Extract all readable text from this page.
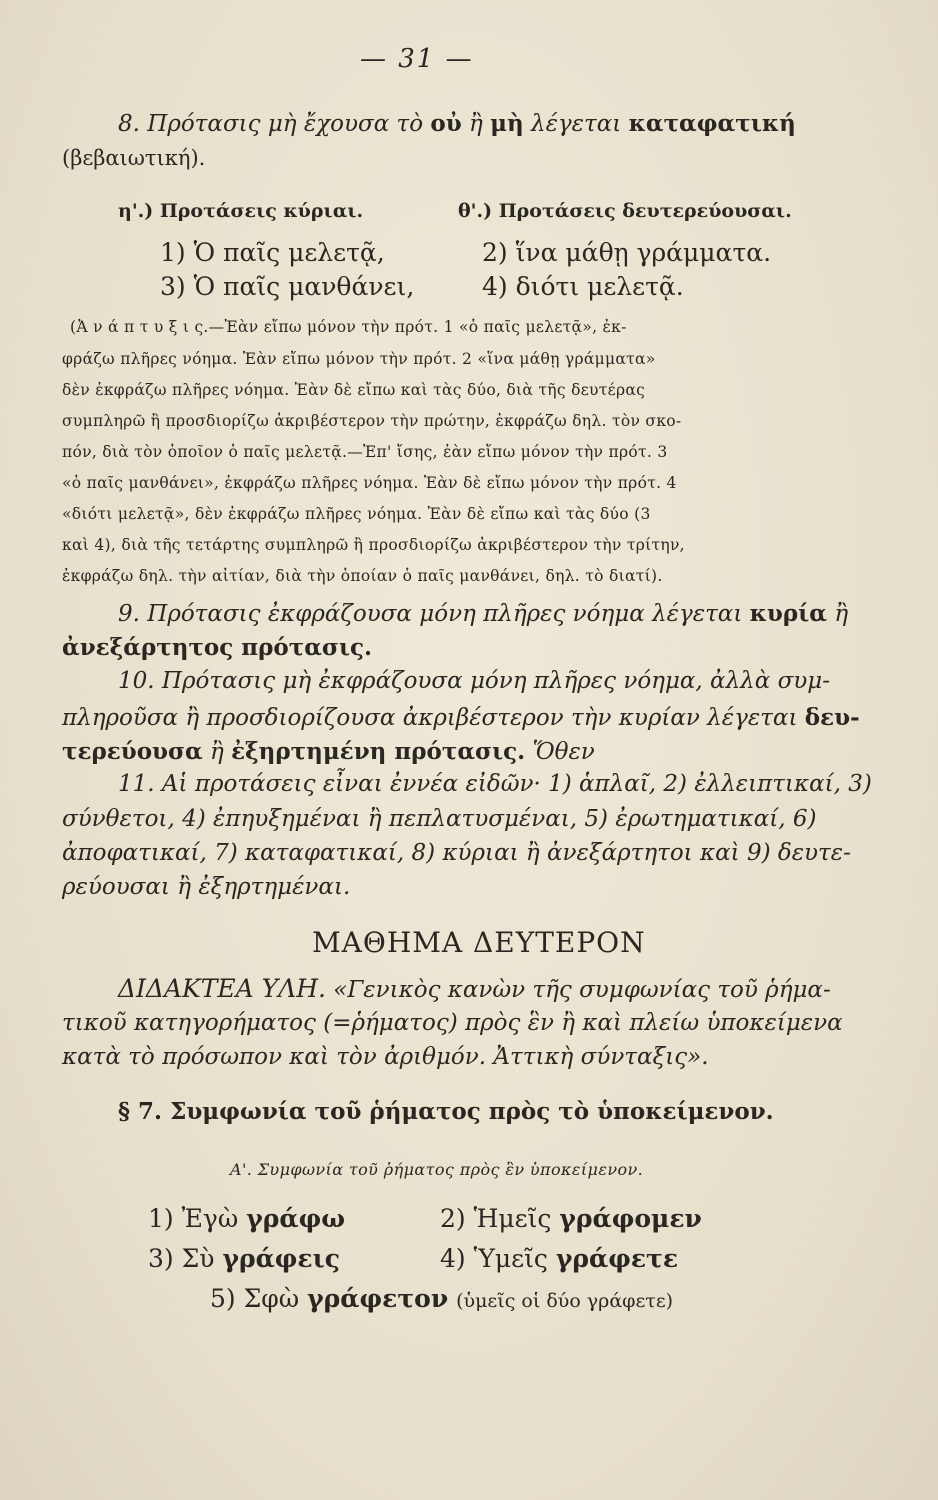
— 31 —
8. Πρότασις μὴ ἔχουσα τὸ οὐ ἢ μὴ λέγεται καταφατική
(βεβαιωτική).
η'.) Προτάσεις κύριαι.	θ'.) Προτάσεις δευτερεύουσαι.
1) Ὁ παῖς μελετᾷ,	2) ἵνα μάθῃ γράμματα.
3) Ὁ παῖς μανθάνει,	4) διότι μελετᾷ.
(Ἀ ν ά π τ υ ξ ι ς.—Ἐὰν εἴπω μόνον τὴν πρότ. 1 «ὁ παῖς μελετᾷ», ἐκ-
φράζω πλῆρες νόημα. Ἐὰν εἴπω μόνον τὴν πρότ. 2 «ἵνα μάθῃ γράμματα»
δὲν ἐκφράζω πλῆρες νόημα. Ἐὰν δὲ εἴπω καὶ τὰς δύο, διὰ τῆς δευτέρας
συμπληρῶ ἢ προσδιορίζω ἀκριβέστερον τὴν πρώτην, ἐκφράζω δηλ. τὸν σκο-
πόν, διὰ τὸν ὁποῖον ὁ παῖς μελετᾷ.—Ἐπ' ἴσης, ἐὰν εἴπω μόνον τὴν πρότ. 3
«ὁ παῖς μανθάνει», ἐκφράζω πλῆρες νόημα. Ἐὰν δὲ εἴπω μόνον τὴν πρότ. 4
«διότι μελετᾷ», δὲν ἐκφράζω πλῆρες νόημα. Ἐὰν δὲ εἴπω καὶ τὰς δύο (3
καὶ 4), διὰ τῆς τετάρτης συμπληρῶ ἢ προσδιορίζω ἀκριβέστερον τὴν τρίτην,
ἐκφράζω δηλ. τὴν αἰτίαν, διὰ τὴν ὁποίαν ὁ παῖς μανθάνει, δηλ. τὸ διατί).
9. Πρότασις ἐκφράζουσα μόνη πλῆρες νόημα λέγεται κυρία ἢ
ἀνεξάρτητος πρότασις.
10. Πρότασις μὴ ἐκφράζουσα μόνη πλῆρες νόημα, ἀλλὰ συμ-
πληροῦσα ἢ προσδιορίζουσα ἀκριβέστερον τὴν κυρίαν λέγεται δευ-
τερεύουσα ἢ ἐξηρτημένη πρότασις. Ὅθεν
11. Αἱ προτάσεις εἶναι ἐννέα εἰδῶν· 1) ἁπλαῖ, 2) ἐλλειπτικαί, 3)
σύνθετοι, 4) ἐπηυξημέναι ἢ πεπλατυσμέναι, 5) ἐρωτηματικαί, 6)
ἀποφατικαί, 7) καταφατικαί, 8) κύριαι ἢ ἀνεξάρτητοι καὶ 9) δευτε-
ρεύουσαι ἢ ἐξηρτημέναι.
ΜΑΘΗΜΑ ΔΕΥΤΕΡΟΝ
ΔΙΔΑΚΤΕΑ ΥΛΗ. «Γενικὸς κανὼν τῆς συμφωνίας τοῦ ῥήμα-
τικοῦ κατηγορήματος (=ῥήματος) πρὸς ἓν ἢ καὶ πλείω ὑποκείμενα
κατὰ τὸ πρόσωπον καὶ τὸν ἀριθμόν. Ἀττικὴ σύνταξις».
§ 7. Συμφωνία τοῦ ῥήματος πρὸς τὸ ὑποκείμενον.
Α'. Συμφωνία τοῦ ῥήματος πρὸς ἓν ὑποκείμενον.
1) Ἐγὼ γράφω	2) Ἡμεῖς γράφομεν
3) Σὺ γράφεις	4) Ὑμεῖς γράφετε
5) Σφὼ γράφετον (ὑμεῖς οἱ δύο γράφετε)
